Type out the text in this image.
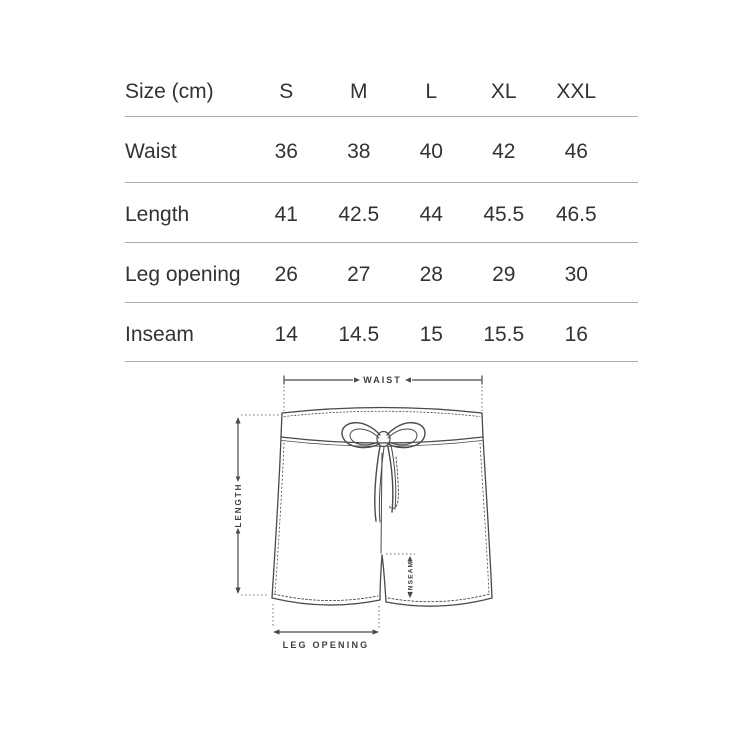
Size (cm)	S	M	L	XL	XXL
Waist	36	38	40	42	46
Length	41	42.5	44	45.5	46.5
Leg opening	26	27	28	29	30
Inseam	14	14.5	15	15.5	16
WAIST
LENGTH
INSEAM
LEG OPENING
